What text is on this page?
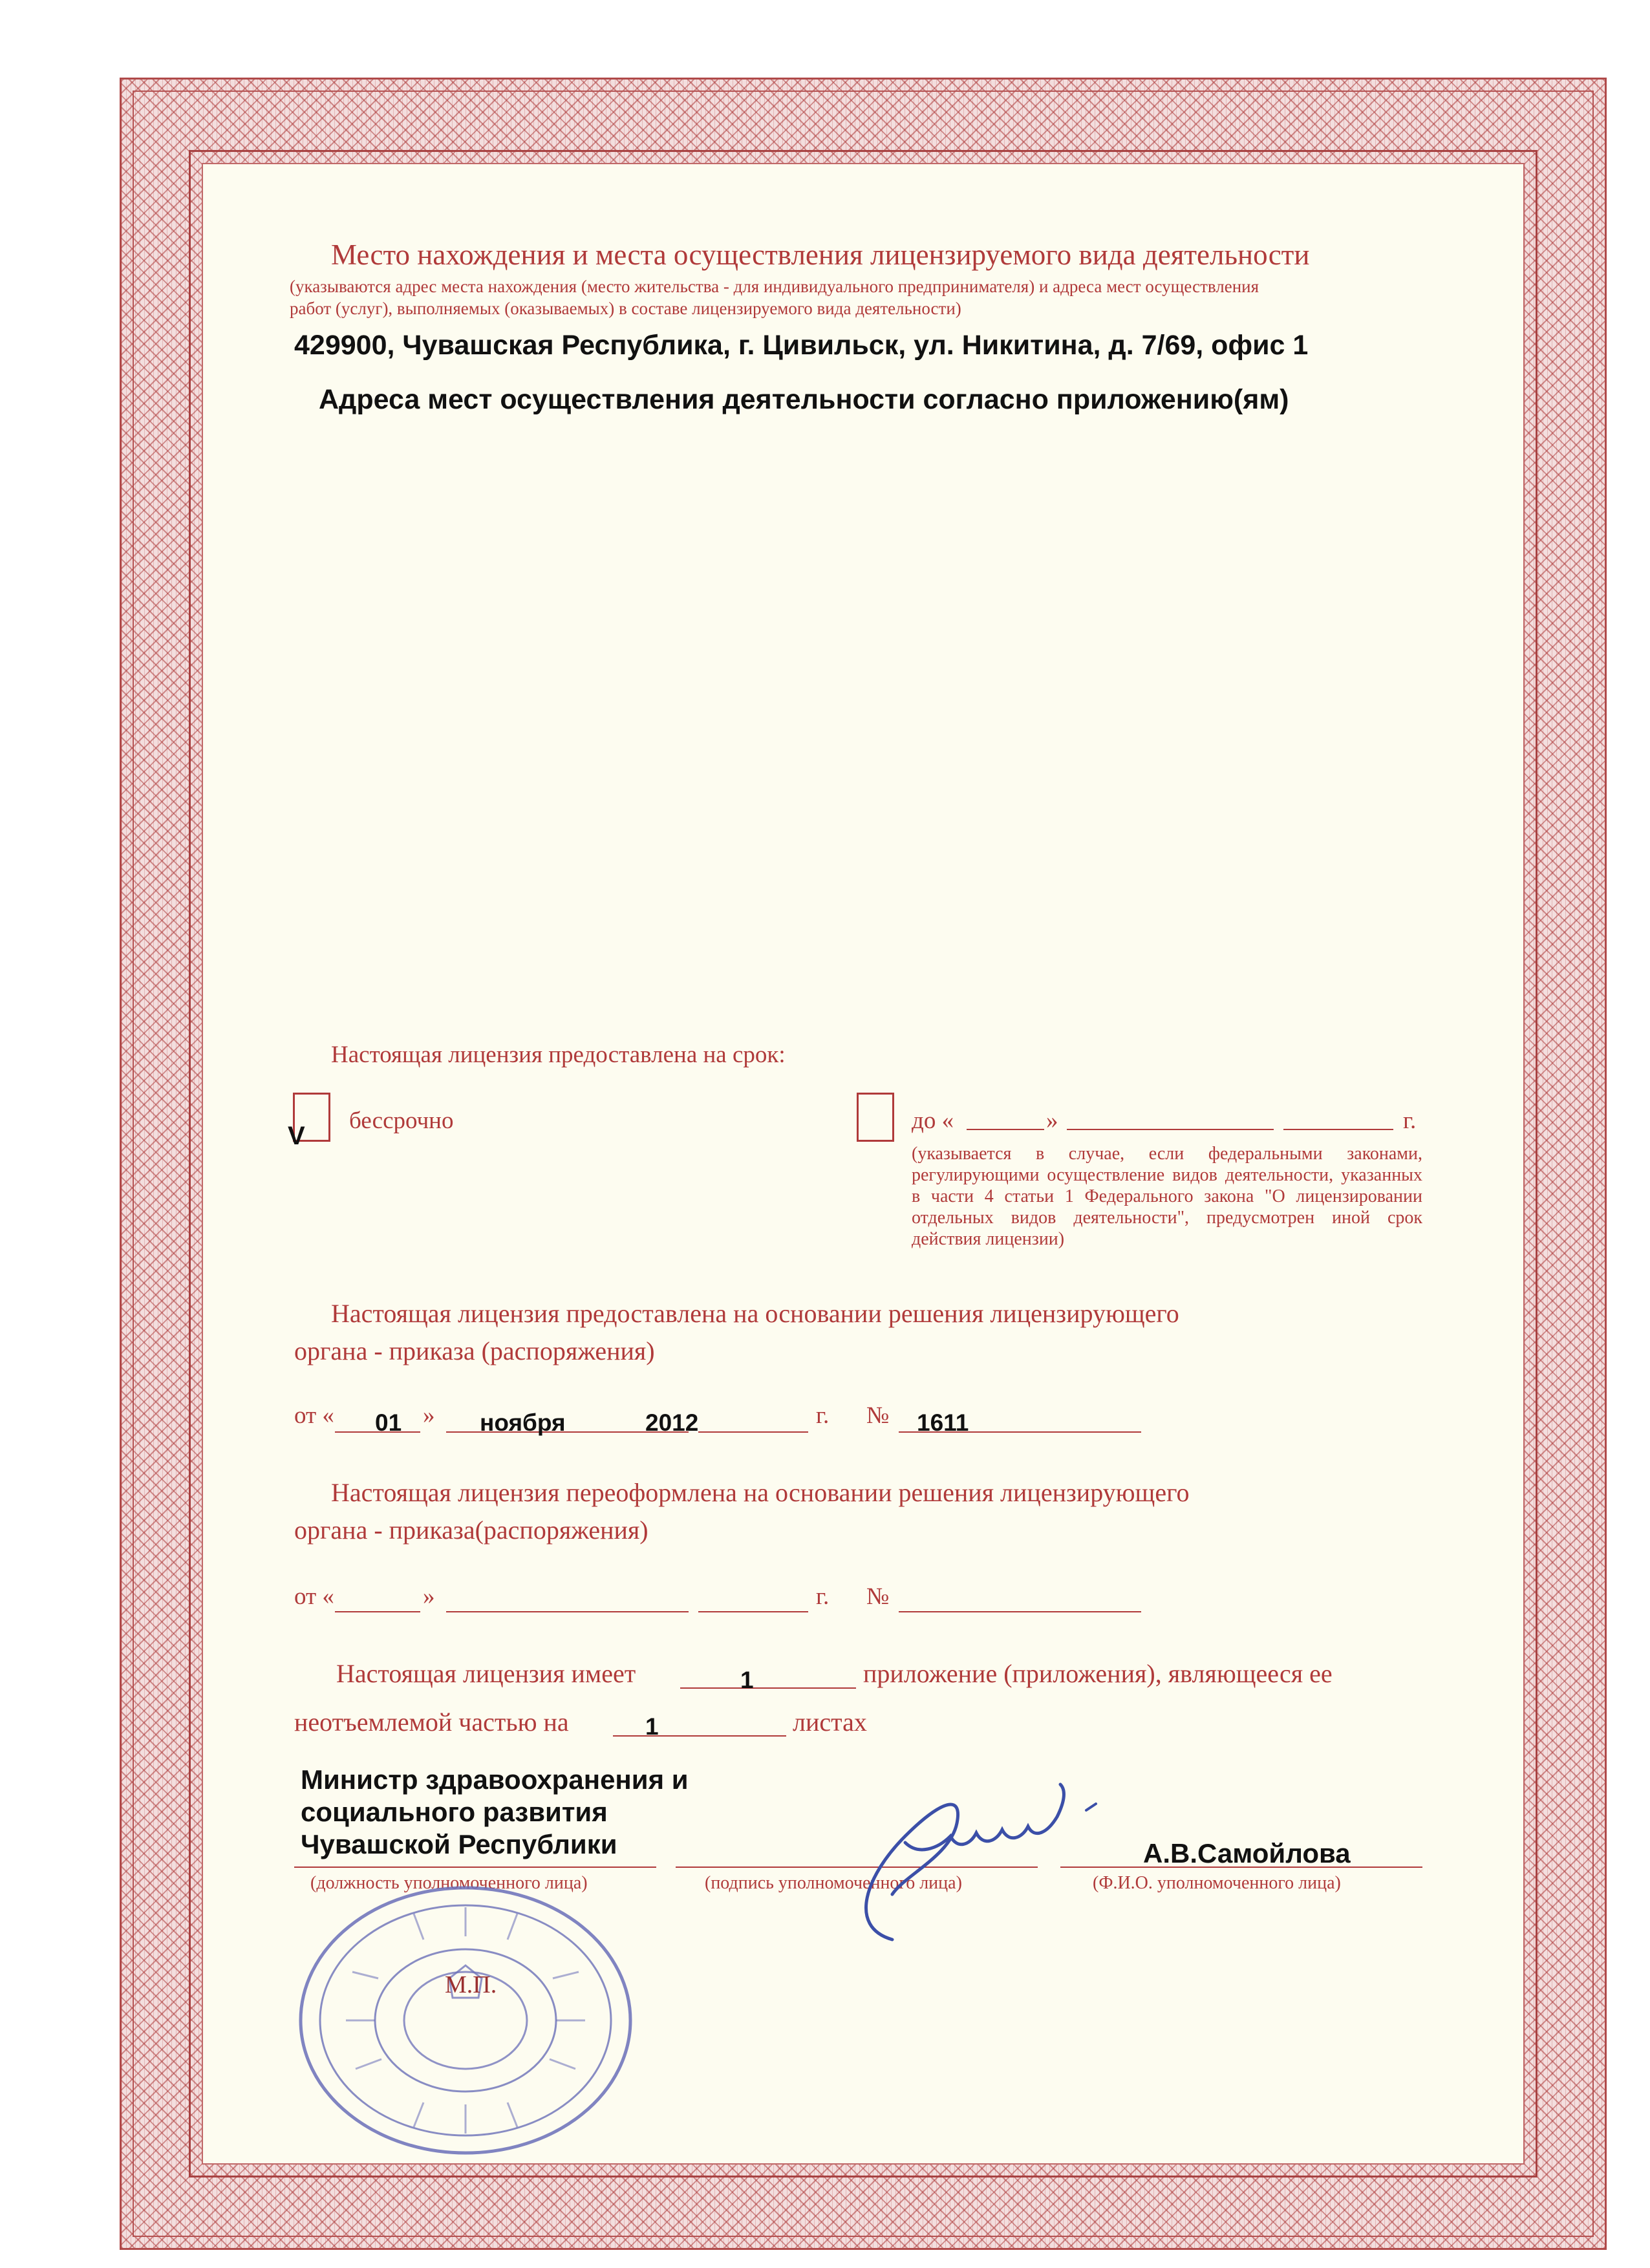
Место нахождения и места осуществления лицензируемого вида деятельности
(указываются адрес места нахождения (место жительства - для индивидуального предпринимателя) и адреса мест осуществления
работ (услуг), выполняемых (оказываемых) в составе лицензируемого вида деятельности)
429900, Чувашская Республика, г. Цивильск, ул. Никитина, д. 7/69, офис 1
Адреса мест осуществления деятельности согласно приложению(ям)
Настоящая лицензия предоставлена на срок:
V
бессрочно	до «	»	г.
(указывается в случае, если федеральными законами, регулирующими осуществление видов деятельности, указанных в части 4 статьи 1 Федерального закона "О лицензировании отдельных видов деятельности", предусмотрен иной срок действия лицензии)
Настоящая лицензия предоставлена на основании решения лицензирующего
органа - приказа (распоряжения)
от « 01 » ноября	2012	г. № 1611
Настоящая лицензия переоформлена на основании решения лицензирующего
органа - приказа(распоряжения)
от «	»	г. №
Настоящая лицензия имеет	1	приложение (приложения), являющееся ее
неотъемлемой частью на	1	листах
Министр здравоохранения и
социального развития
Чувашской Республики	А.В.Самойлова
(должность уполномоченного лица)	(подпись уполномоченного лица)	(Ф.И.О. уполномоченного лица)
М.П.
